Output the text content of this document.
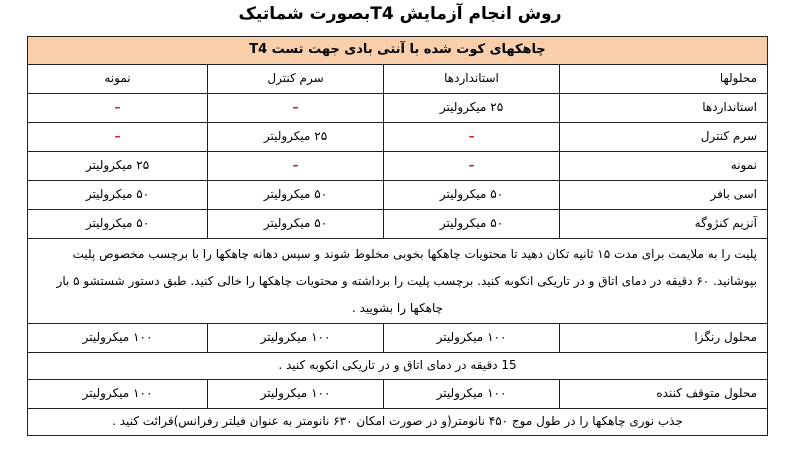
روش انجام آزمایش T4بصورت شماتیک
چاهکهای کوت شده با آنتی بادی جهت تست T4			
محلولها	استانداردها	سرم کنترل	نمونه
استانداردها	۲۵ میکرولیتر	–	–
سرم کنترل	–	۲۵ میکرولیتر	–
نمونه	–	–	۲۵ میکرولیتر
اسی بافر	۵۰ میکرولیتر	۵۰ میکرولیتر	۵۰ میکرولیتر
آنزیم کنژوگه	۵۰ میکرولیتر	۵۰ میکرولیتر	۵۰ میکرولیتر

پلیت را به ملایمت برای مدت ۱۵ ثانیه تکان دهید تا محتویات چاهکها بخوبی مخلوط شوند و سپس دهانه چاهکها را با برچسب مخصوص پلیت
بپوشانید. ۶۰ دقیقه در دمای اتاق و در تاریکی انکوبه کنید. برچسب پلیت را برداشته و محتویات چاهکها را خالی کنید. طبق دستور شستشو ۵ بار
چاهکها را بشویید .			

محلول رنگزا	۱۰۰ میکرولیتر	۱۰۰ میکرولیتر	۱۰۰ میکرولیتر
15 دقیقه در دمای اتاق و در تاریکی انکوبه کنید .			
محلول متوقف کننده	۱۰۰ میکرولیتر	۱۰۰ میکرولیتر	۱۰۰ میکرولیتر
جذب نوری چاهکها را در طول موج ۴۵۰ نانومتر(و در صورت امکان ۶۳۰ نانومتر به عنوان فیلتر رفرانس)قرائت کنید .			
